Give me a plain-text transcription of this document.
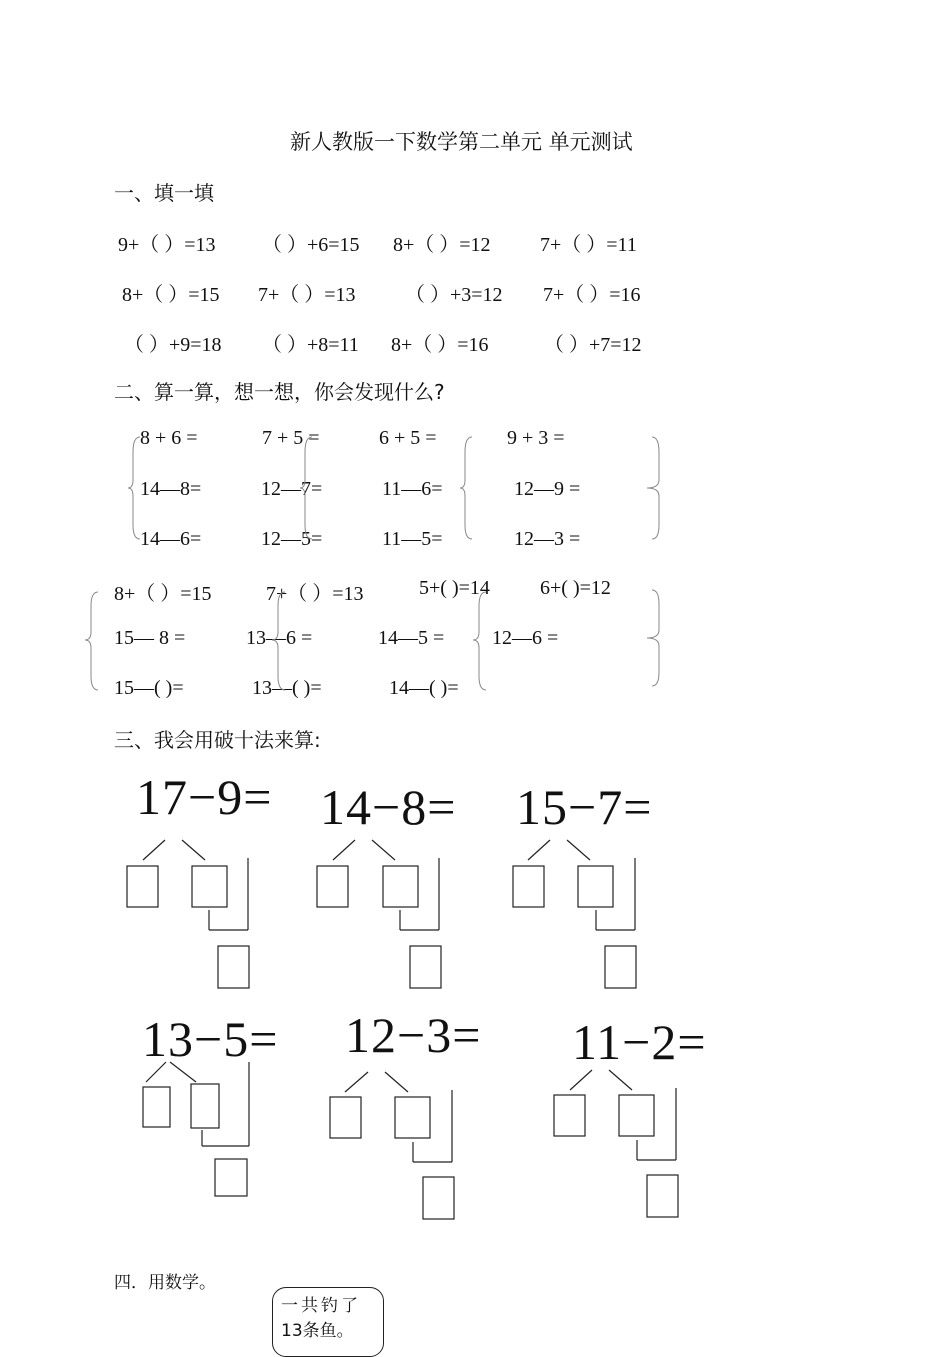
新人教版一下数学第二单元 单元测试
一、填一填
9+（ ）=13 （ ）+6=15 8+（ ）=12 7+（ ）=11
8+（ ）=15 7+（ ）=13 （ ）+3=12 7+（ ）=16
（ ）+9=18 （ ）+8=11 8+（ ）=16	（ ）+7=12
二、算一算，想一想，你会发现什么?
8 + 6 =	7 + 5 =	6 + 5 =	9 + 3 =
14—8=	12—7=	11—6=	12—9 =
14—6=	12—5=	11—5=	12—3 =
8+（ ）=15	7+（ ）=13	5+( )=14	6+( )=12
15— 8 =	13—6 =	14—5 = 12—6 =
15—( )=	13—( )=	14—( )=
三、我会用破十法来算:
17−9= 14−8= 15−7=
13−5= 12−3= 11−2=
四．用数学。
一共钓了
13条鱼。
